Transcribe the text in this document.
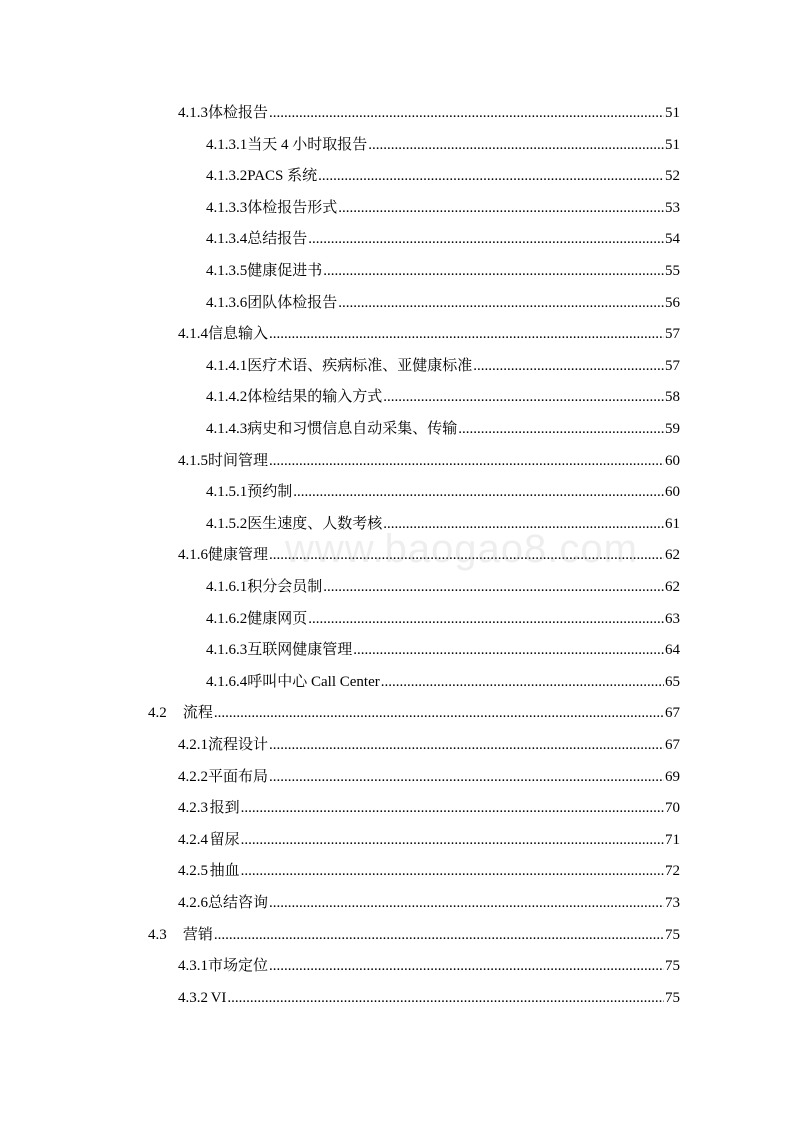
4.1.3 体检报告 .....	51
4.1.3.1 当天 4 小时取报告 .....	51
4.1.3.2 PACS 系统 .....	52
4.1.3.3 体检报告形式 .....	53
4.1.3.4 总结报告 .....	54
4.1.3.5 健康促进书 .....	55
4.1.3.6 团队体检报告 .....	56
4.1.4 信息输入 .....	57
4.1.4.1 医疗术语、疾病标准、亚健康标准 .....	57
4.1.4.2 体检结果的输入方式 .....	58
4.1.4.3 病史和习惯信息自动采集、传输 .....	59
4.1.5 时间管理 .....	60
4.1.5.1 预约制 .....	60
4.1.5.2 医生速度、人数考核 .....	61
4.1.6 健康管理 .....	62
4.1.6.1 积分会员制 .....	62
4.1.6.2 健康网页 .....	63
4.1.6.3 互联网健康管理 .....	64
4.1.6.4 呼叫中心 Call Center .....	65
4.2	流程 .....	67
4.2.1 流程设计 .....	67
4.2.2 平面布局 .....	69
4.2.3 报到 .....	70
4.2.4 留尿 .....	71
4.2.5 抽血 .....	72
4.2.6 总结咨询 .....	73
4.3	营销 .....	75
4.3.1 市场定位 .....	75
4.3.2 VI .....	75
www.baogao8.com
